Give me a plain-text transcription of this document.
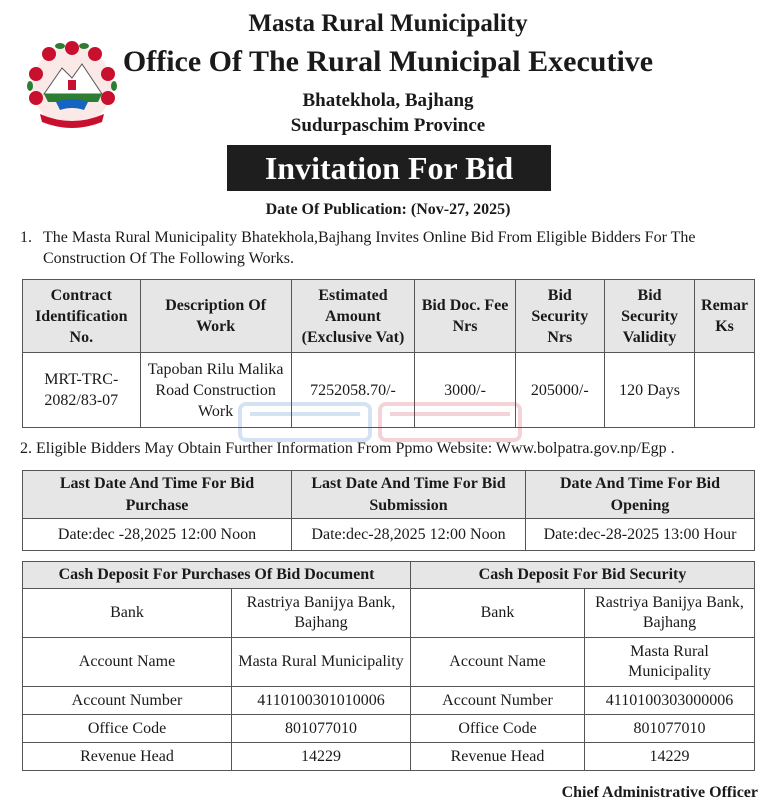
Masta Rural Municipality
Office Of The Rural Municipal Executive
Bhatekhola, Bajhang
Sudurpaschim Province
Invitation For Bid
Date Of Publication: (Nov-27, 2025)
1. The Masta Rural Municipality Bhatekhola,Bajhang Invites Online Bid From Eligible Bidders For The Construction Of The Following Works.
Contract Identification No.	Description Of Work	Estimated Amount (Exclusive Vat)	Bid Doc. Fee Nrs	Bid Security Nrs	Bid Security Validity	Remar Ks
MRT-TRC-2082/83-07	Tapoban Rilu Malika Road Construction Work	7252058.70/-	3000/-	205000/-	120 Days	
2. Eligible Bidders May Obtain Further Information From Ppmo Website: Www.bolpatra.gov.np/Egp .
Last Date And Time For Bid Purchase	Last Date And Time For Bid Submission	Date And Time For Bid Opening
Date:dec -28,2025 12:00 Noon	Date:dec-28,2025 12:00 Noon	Date:dec-28-2025 13:00 Hour
Cash Deposit For Purchases Of Bid Document		Cash Deposit For Bid Security	
Bank	Rastriya Banijya Bank, Bajhang	Bank	Rastriya Banijya Bank, Bajhang
Account Name	Masta Rural Municipality	Account Name	Masta Rural Municipality
Account Number	4110100301010006	Account Number	4110100303000006
Office Code	801077010	Office Code	801077010
Revenue Head	14229	Revenue Head	14229
Chief Administrative Officer
